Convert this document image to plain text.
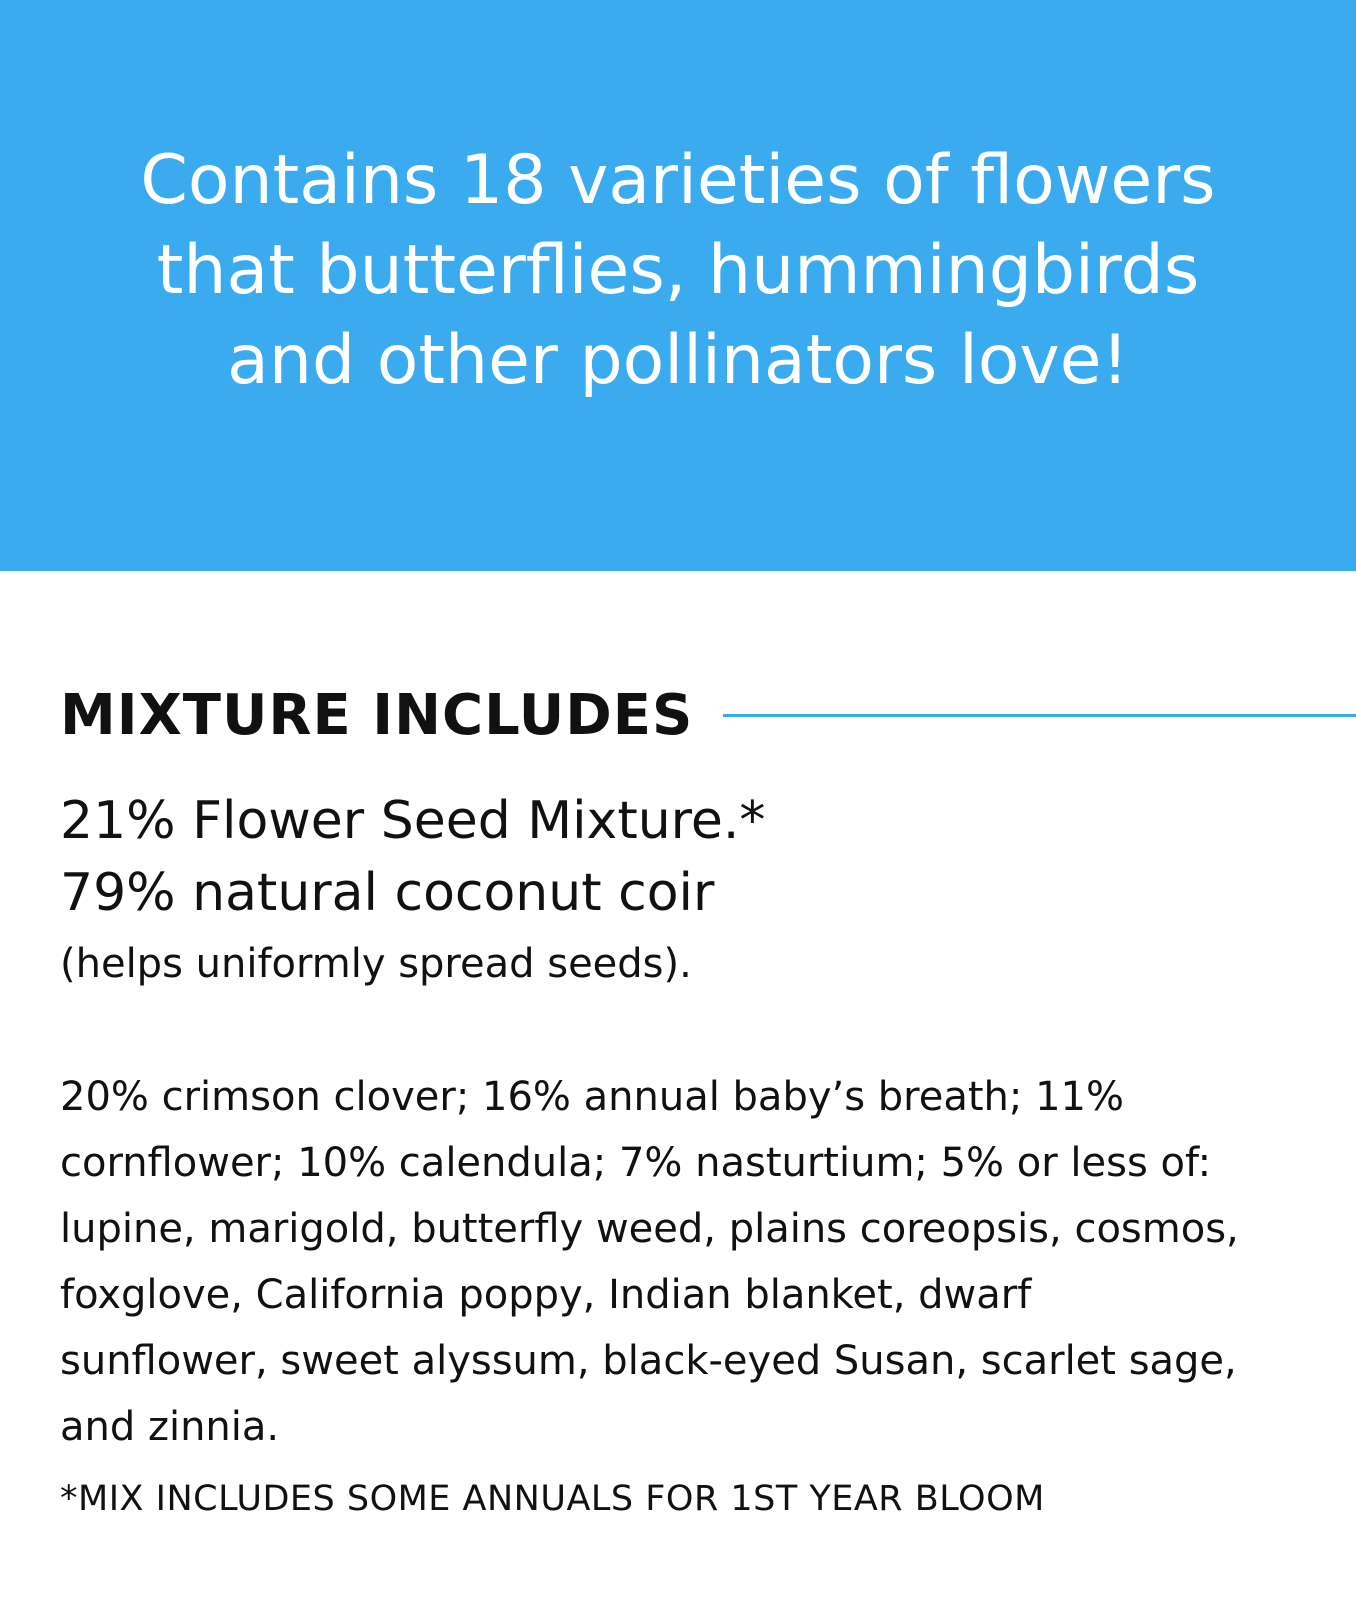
Contains 18 varieties of flowers
that butterflies, hummingbirds
and other pollinators love!
MIXTURE INCLUDES
21% Flower Seed Mixture.*
79% natural coconut coir
(helps uniformly spread seeds).

20% crimson clover; 16% annual baby’s breath; 11% cornflower; 10% calendula; 7% nasturtium; 5% or less of: lupine, marigold, butterfly weed, plains coreopsis, cosmos, foxglove, California poppy, Indian blanket, dwarf sunflower, sweet alyssum, black-eyed Susan, scarlet sage, and zinnia.

*MIX INCLUDES SOME ANNUALS FOR 1ST YEAR BLOOM
